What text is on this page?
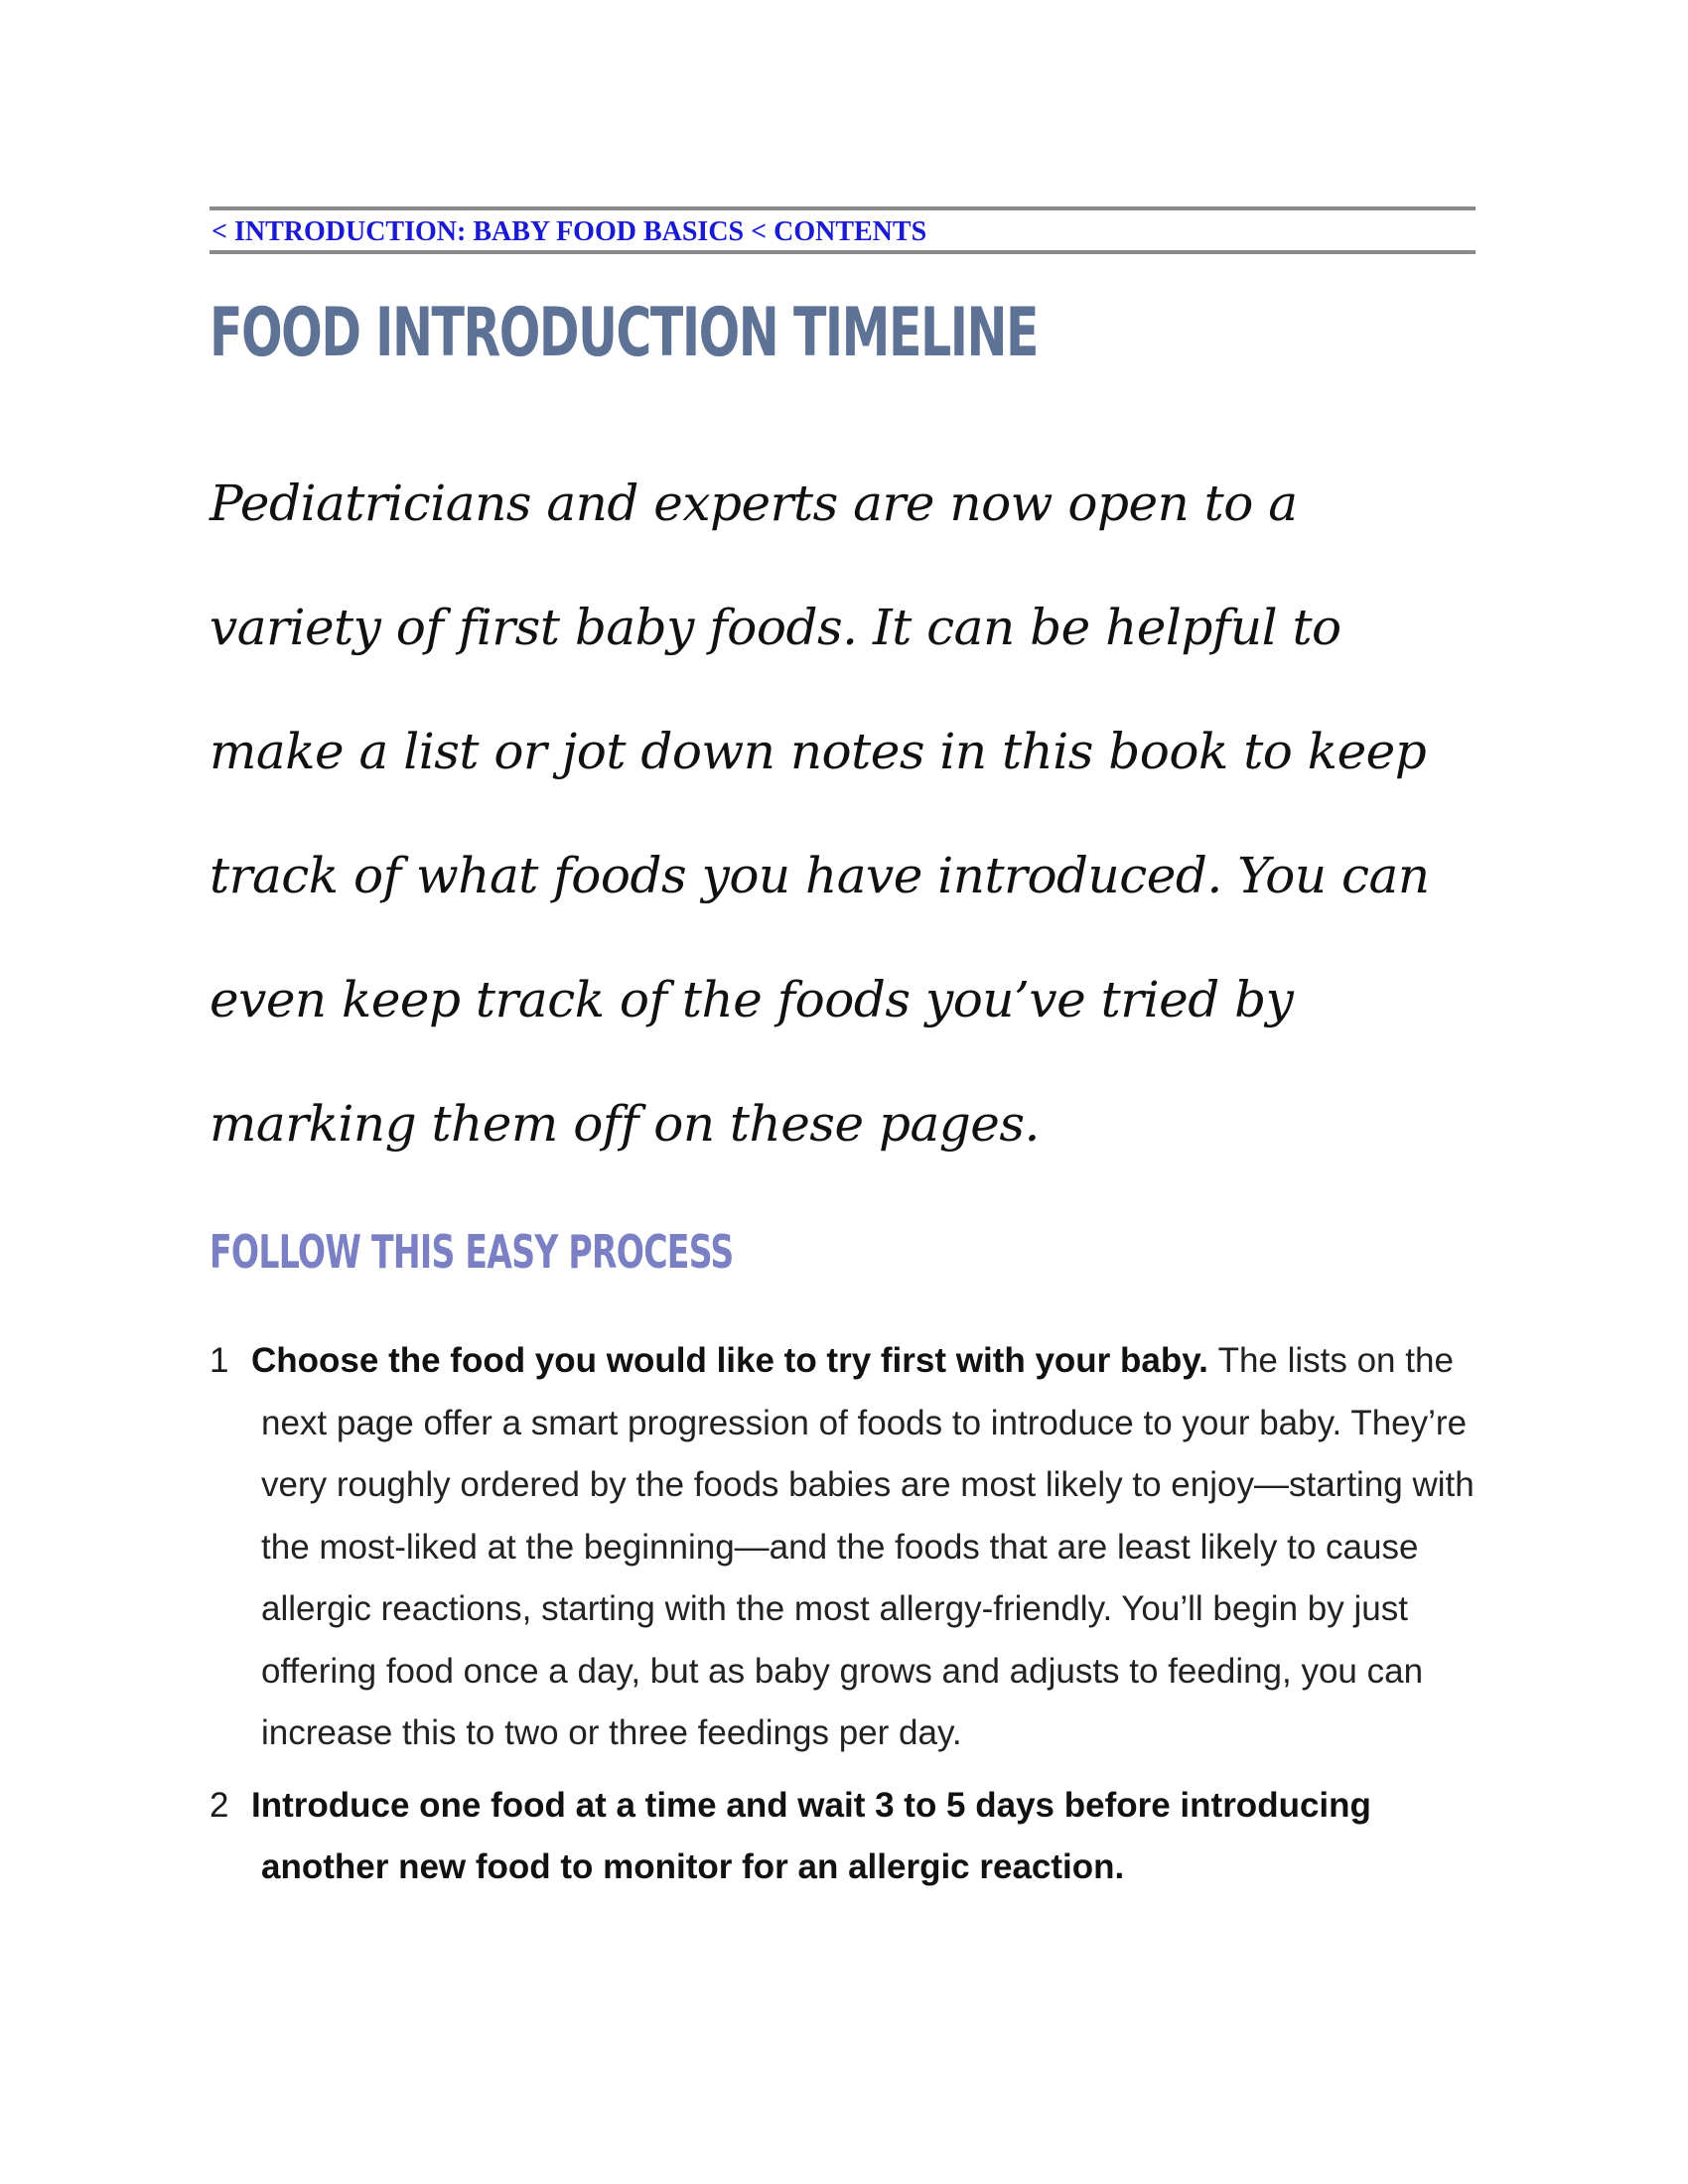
< INTRODUCTION: BABY FOOD BASICS < CONTENTS
FOOD INTRODUCTION TIMELINE

Pediatricians and experts are now open to a variety of first baby foods. It can be helpful to make a list or jot down notes in this book to keep track of what foods you have introduced. You can even keep track of the foods you’ve tried by marking them off on these pages.

FOLLOW THIS EASY PROCESS
1 Choose the food you would like to try first with your baby. The lists on the next page offer a smart progression of foods to introduce to your baby. They’re very roughly ordered by the foods babies are most likely to enjoy—starting with the most-liked at the beginning—and the foods that are least likely to cause allergic reactions, starting with the most allergy-friendly. You’ll begin by just offering food once a day, but as baby grows and adjusts to feeding, you can increase this to two or three feedings per day.
2 Introduce one food at a time and wait 3 to 5 days before introducing another new food to monitor for an allergic reaction.
